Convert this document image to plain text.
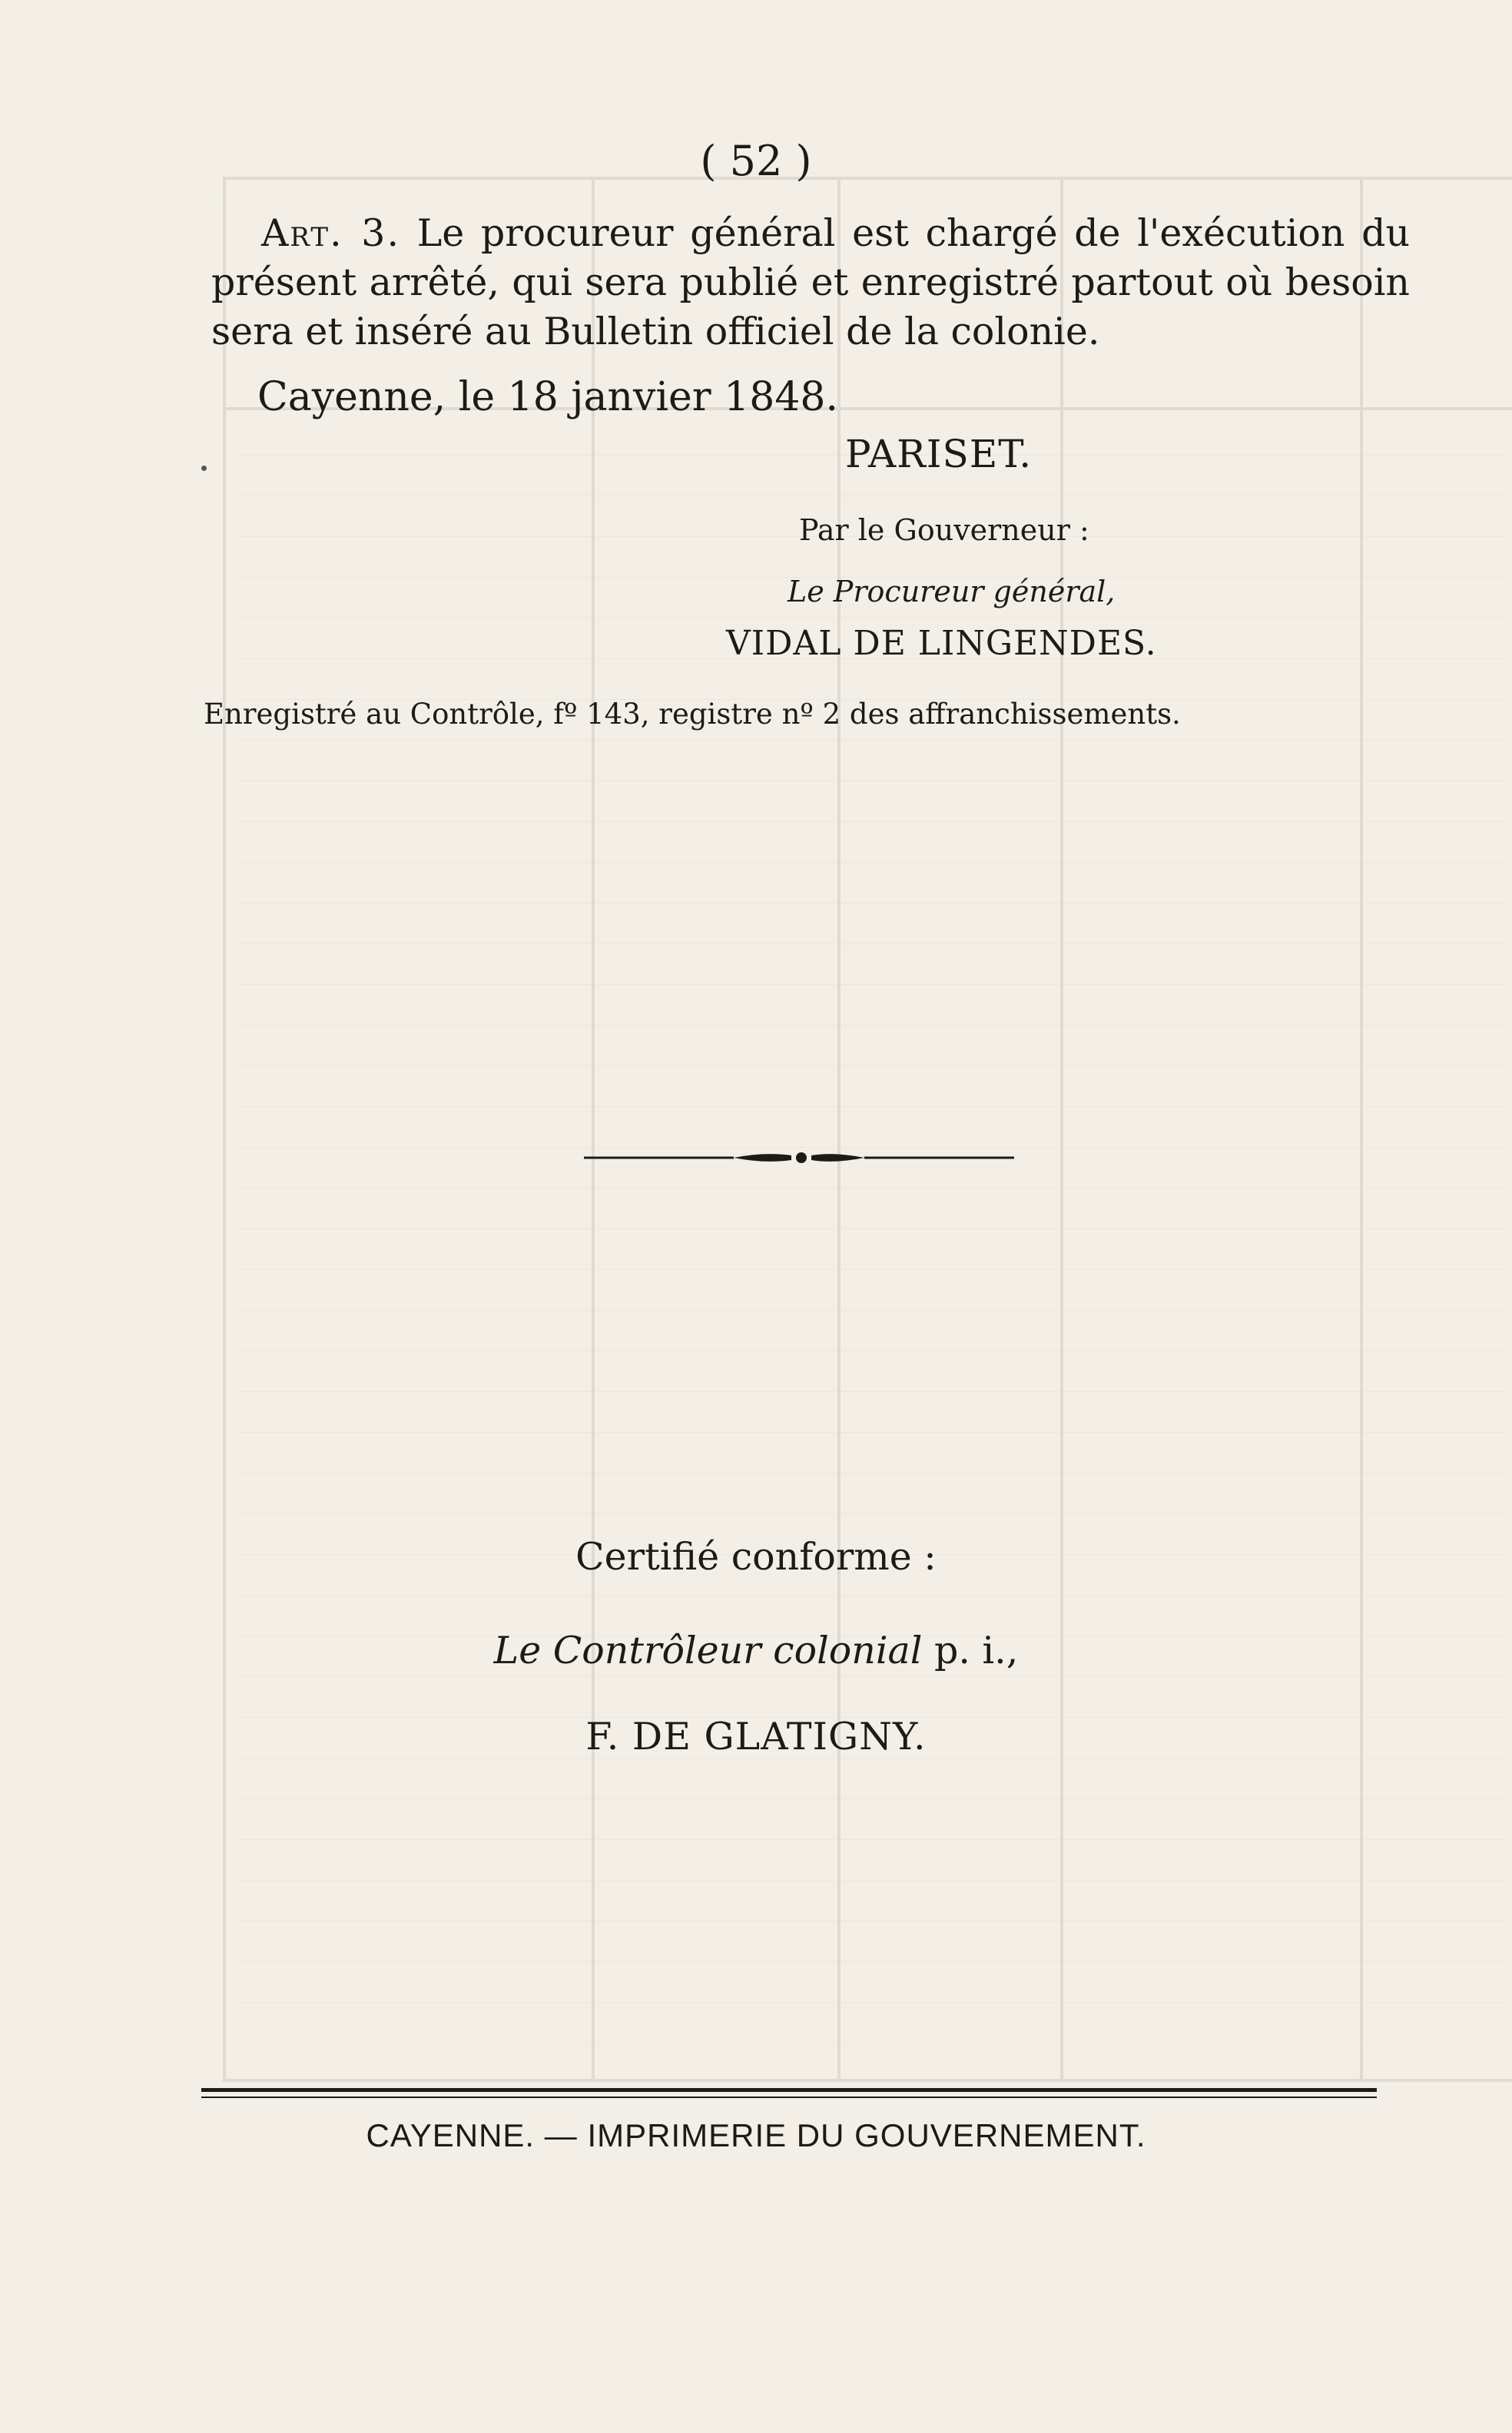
( 52 )

Art. 3. Le procureur général est chargé de l'exécution du

présent arrêté, qui sera publié et enregistré partout où besoin

sera et inséré au Bulletin officiel de la colonie.

Cayenne, le 18 janvier 1848.
PARISET.
Par le Gouverneur :
Le Procureur général,
VIDAL DE LINGENDES.
Enregistré au Contrôle, fº 143, registre nº 2 des affranchissements.
Certifié conforme :
Le Contrôleur colonial p. i.,
F. DE GLATIGNY.
CAYENNE. — IMPRIMERIE DU GOUVERNEMENT.
